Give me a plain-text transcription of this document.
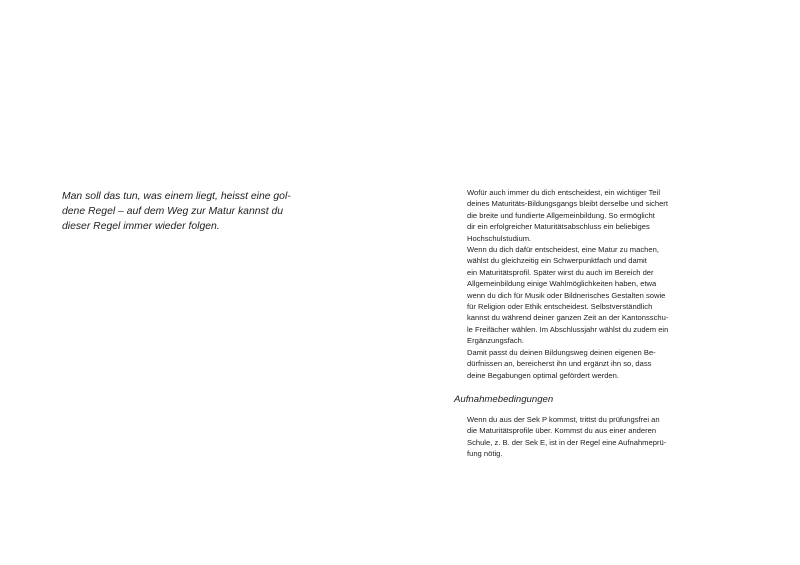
Man soll das tun, was einem liegt, heisst eine gol-
dene Regel – auf dem Weg zur Matur kannst du
dieser Regel immer wieder folgen.

Wofür auch immer du dich entscheidest, ein wichtiger Teil
deines Maturitäts-Bildungsgangs bleibt derselbe und sichert
die breite und fundierte Allgemeinbildung. So ermöglicht
dir ein erfolgreicher Maturitätsabschluss ein beliebiges
Hochschulstudium.

Wenn du dich dafür entscheidest, eine Matur zu machen,
wählst du gleichzeitig ein Schwerpunktfach und damit
ein Maturitätsprofil. Später wirst du auch im Bereich der
Allgemeinbildung einige Wahlmöglichkeiten haben, etwa
wenn du dich für Musik oder Bildnerisches Gestalten sowie
für Religion oder Ethik entscheidest. Selbstverständlich
kannst du während deiner ganzen Zeit an der Kantonsschu-
le Freifächer wählen. Im Abschlussjahr wählst du zudem ein
Ergänzungsfach.

Damit passt du deinen Bildungsweg deinen eigenen Be-
dürfnissen an, bereicherst ihn und ergänzt ihn so, dass
deine Begabungen optimal gefördert werden.

Aufnahmebedingungen

Wenn du aus der Sek P kommst, trittst du prüfungsfrei an
die Maturitätsprofile über. Kommst du aus einer anderen
Schule, z. B. der Sek E, ist in der Regel eine Aufnahmeprü-
fung nötig.
